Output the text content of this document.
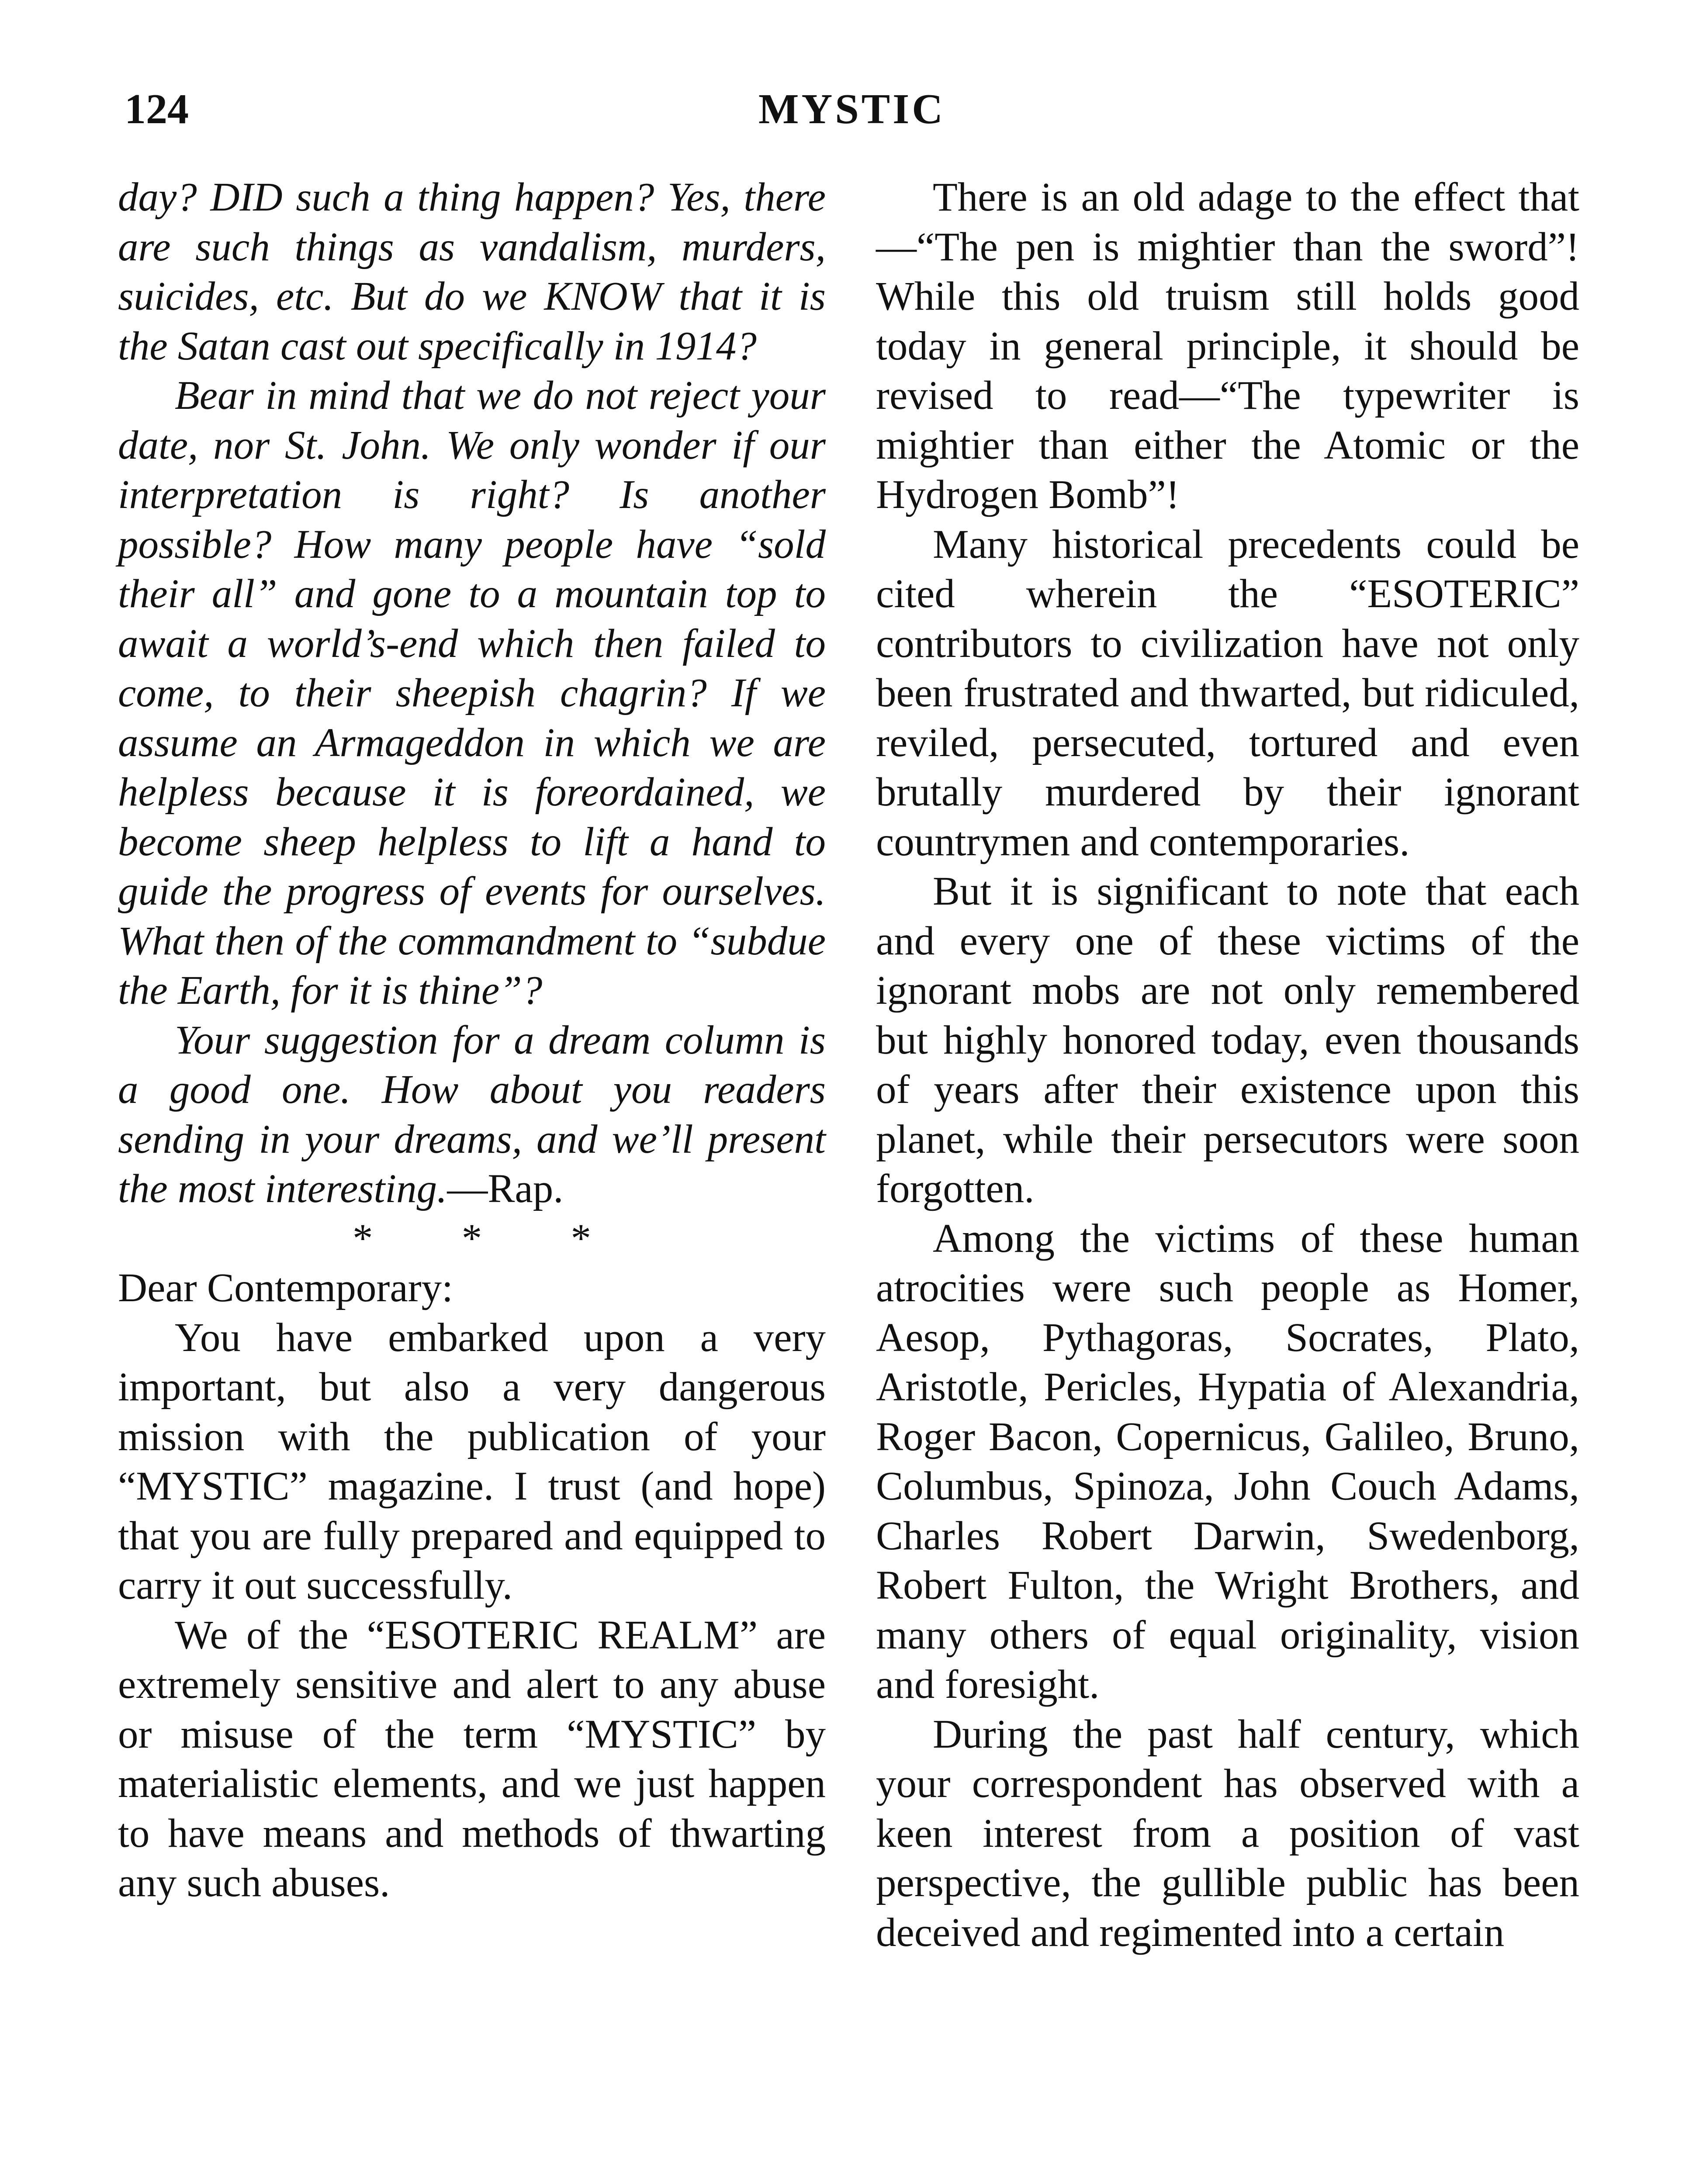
124	MYSTIC

day? DID such a thing happen? Yes, there are such things as vandalism, murders, suicides, etc. But do we KNOW that it is the Satan cast out specifically in 1914?

Bear in mind that we do not reject your date, nor St. John. We only wonder if our interpretation is right? Is another possible? How many people have “sold their all” and gone to a mountain top to await a world’s-end which then failed to come, to their sheepish chagrin? If we assume an Armageddon in which we are helpless because it is foreordained, we become sheep helpless to lift a hand to guide the progress of events for ourselves. What then of the commandment to “subdue the Earth, for it is thine”?

Your suggestion for a dream column is a good one. How about you readers sending in your dreams, and we’ll present the most interesting.—Rap.

* * *

Dear Contemporary:

You have embarked upon a very important, but also a very dangerous mission with the publication of your “MYSTIC” magazine. I trust (and hope) that you are fully prepared and equipped to carry it out successfully.

We of the “ESOTERIC REALM” are extremely sensitive and alert to any abuse or misuse of the term “MYSTIC” by materialistic elements, and we just happen to have means and methods of thwarting any such abuses.

There is an old adage to the effect that—“The pen is mightier than the sword”! While this old truism still holds good today in general principle, it should be revised to read—“The typewriter is mightier than either the Atomic or the Hydrogen Bomb”!

Many historical precedents could be cited wherein the “ESOTERIC” contributors to civilization have not only been frustrated and thwarted, but ridiculed, reviled, persecuted, tortured and even brutally murdered by their ignorant countrymen and contemporaries.

But it is significant to note that each and every one of these victims of the ignorant mobs are not only remembered but highly honored today, even thousands of years after their existence upon this planet, while their persecutors were soon forgotten.

Among the victims of these human atrocities were such people as Homer, Aesop, Pythagoras, Socrates, Plato, Aristotle, Pericles, Hypatia of Alexandria, Roger Bacon, Copernicus, Galileo, Bruno, Columbus, Spinoza, John Couch Adams, Charles Robert Darwin, Swedenborg, Robert Fulton, the Wright Brothers, and many others of equal originality, vision and foresight.

During the past half century, which your correspondent has observed with a keen interest from a position of vast perspective, the gullible public has been deceived and regimented into a certain
